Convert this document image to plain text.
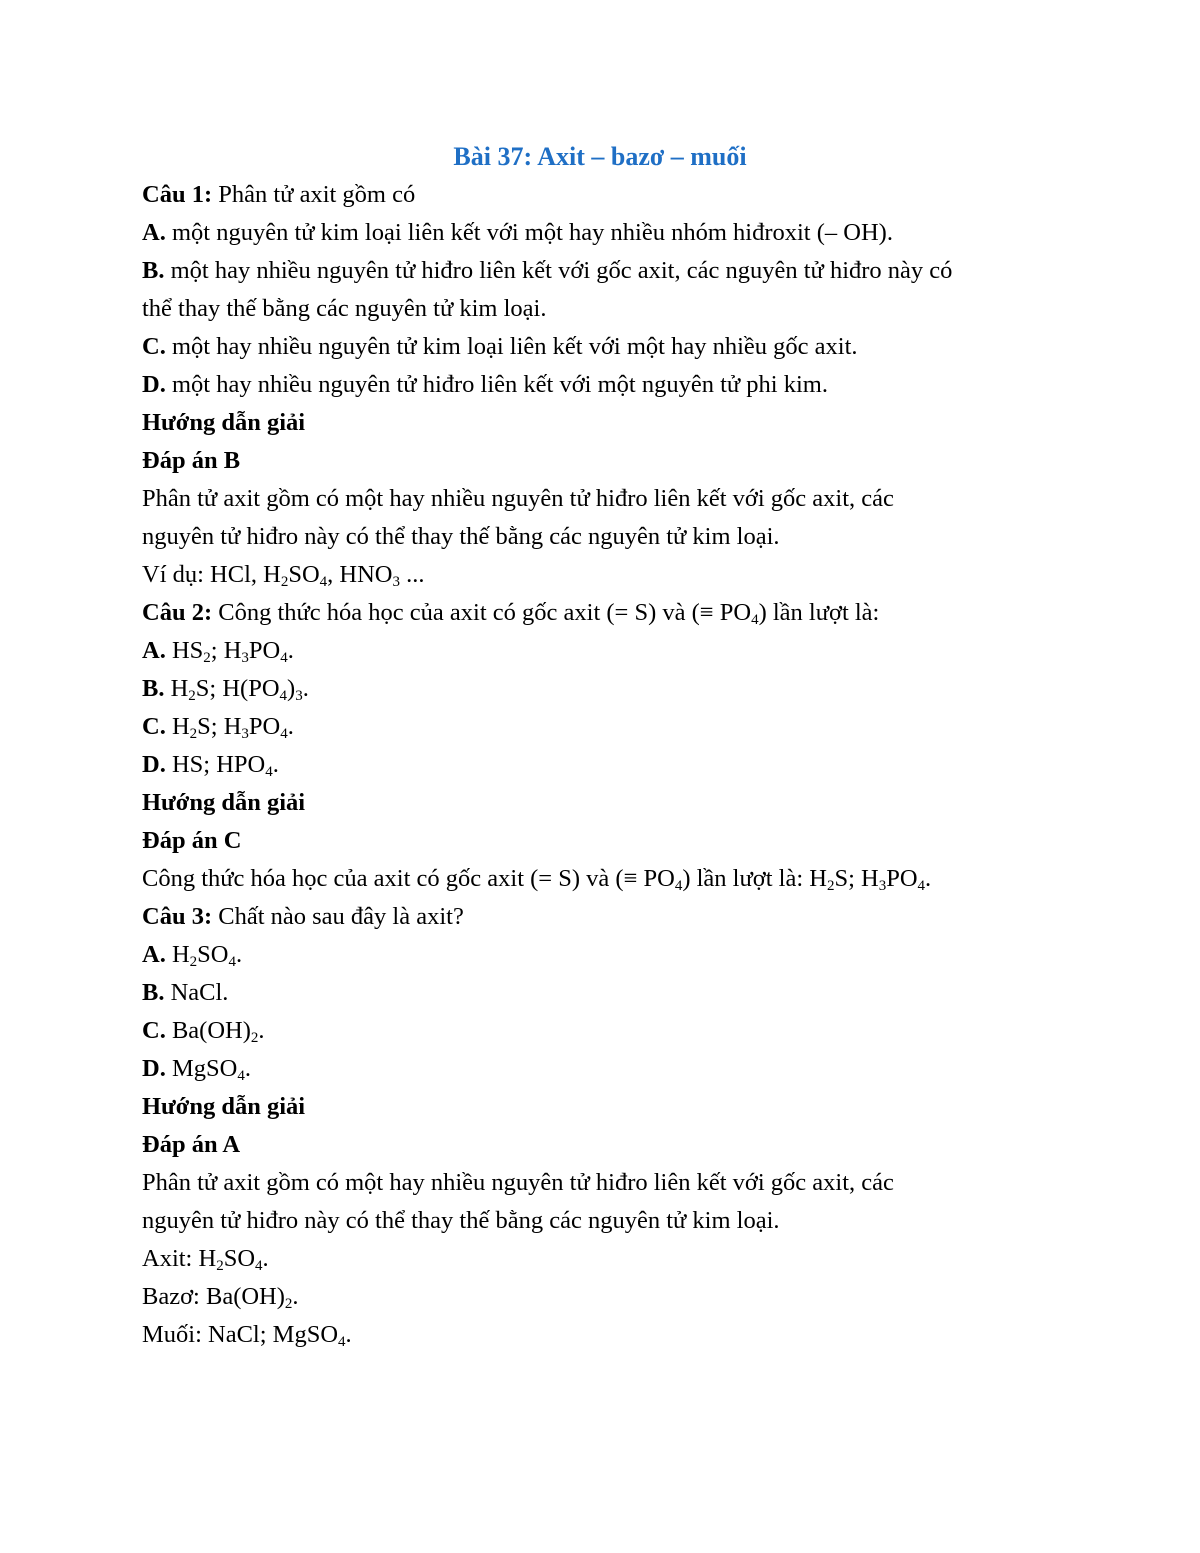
Bài 37: Axit – bazơ – muối
Câu 1: Phân tử axit gồm có
A. một nguyên tử kim loại liên kết với một hay nhiều nhóm hiđroxit (– OH).
B. một hay nhiều nguyên tử hiđro liên kết với gốc axit, các nguyên tử hiđro này có
thể thay thế bằng các nguyên tử kim loại.
C. một hay nhiều nguyên tử kim loại liên kết với một hay nhiều gốc axit.
D. một hay nhiều nguyên tử hiđro liên kết với một nguyên tử phi kim.
Hướng dẫn giải
Đáp án B
Phân tử axit gồm có một hay nhiều nguyên tử hiđro liên kết với gốc axit, các
nguyên tử hiđro này có thể thay thế bằng các nguyên tử kim loại.
Ví dụ: HCl, $H_2SO_4$, $HNO_3$ ...
Câu 2: Công thức hóa học của axit có gốc axit (= S) và (≡ $PO_4$) lần lượt là:
A. $HS_2$; $H_3PO_4$.
B. $H_2S$; $H(PO_4)_3$.
C. $H_2S$; $H_3PO_4$.
D. HS; $HPO_4$.
Hướng dẫn giải
Đáp án C
Công thức hóa học của axit có gốc axit (= S) và (≡ $PO_4$) lần lượt là: $H_2S$; $H_3PO_4$.
Câu 3: Chất nào sau đây là axit?
A. $H_2SO_4$.
B. NaCl.
C. $Ba(OH)_2$.
D. MgSO$_4$.
Hướng dẫn giải
Đáp án A
Phân tử axit gồm có một hay nhiều nguyên tử hiđro liên kết với gốc axit, các
nguyên tử hiđro này có thể thay thế bằng các nguyên tử kim loại.
Axit: $H_2SO_4$.
Bazơ: $Ba(OH)_2$.
Muối: NaCl; MgSO$_4$.
